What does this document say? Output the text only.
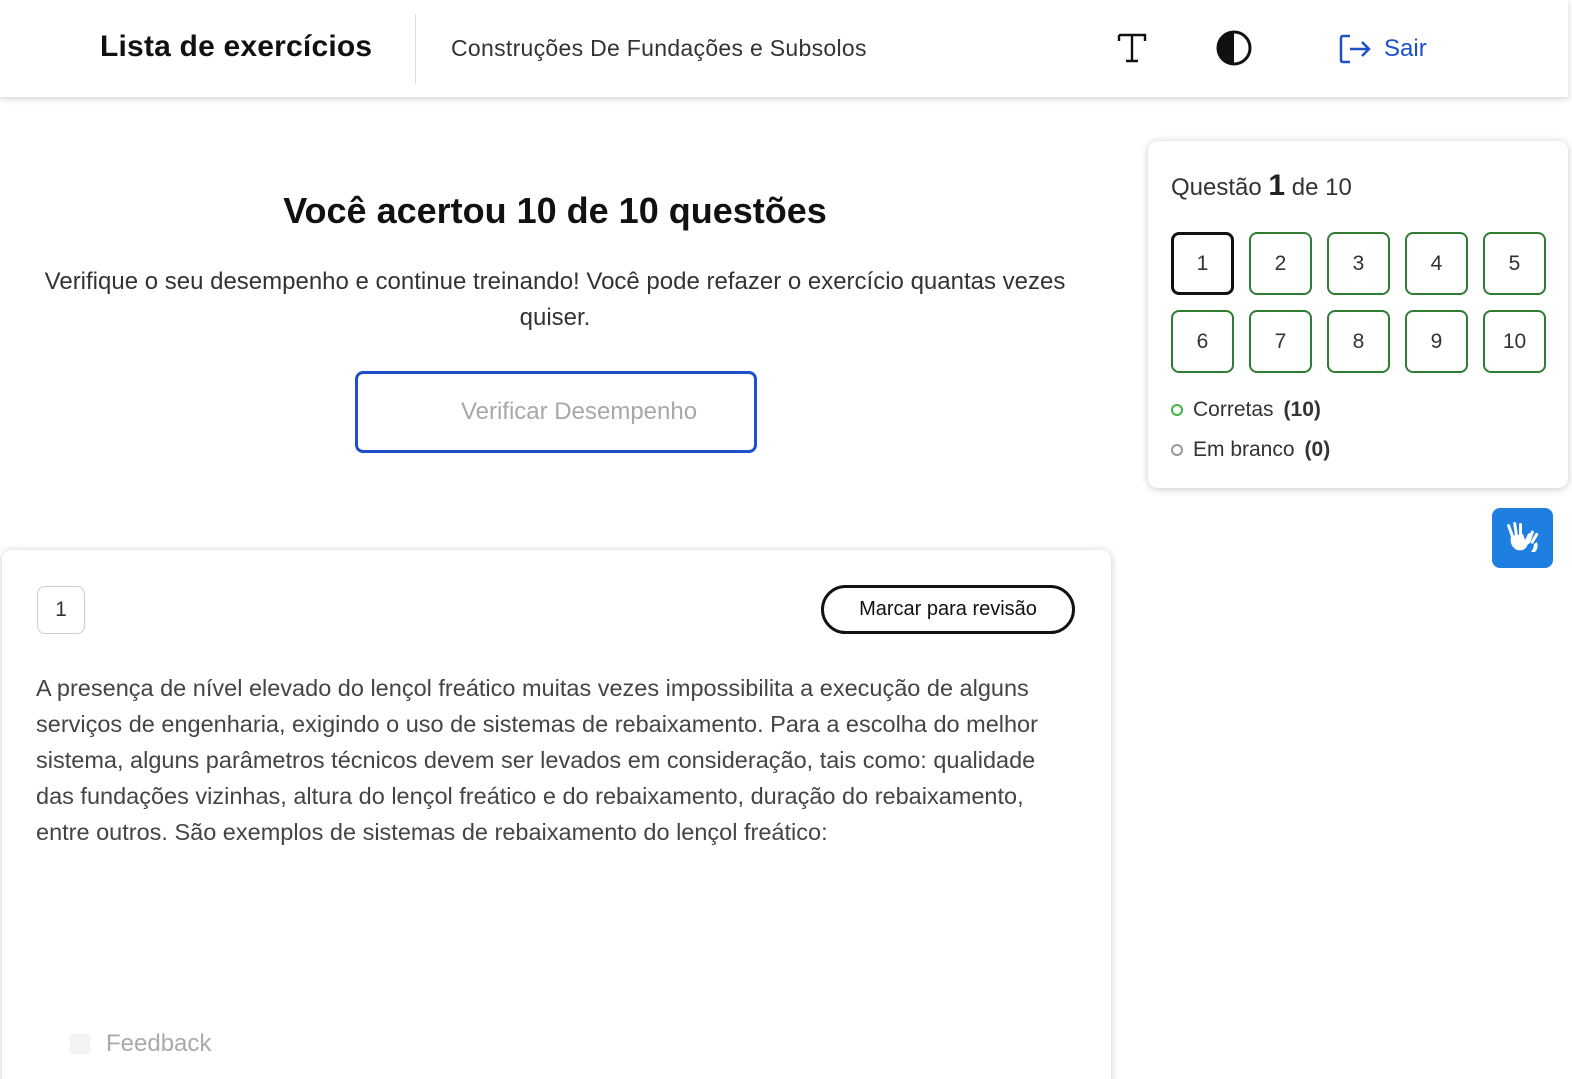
Lista de exercícios	Construções De Fundações e Subsolos	Sair
Você acertou 10 de 10 questões
Verifique o seu desempenho e continue treinando! Você pode refazer o exercício quantas vezes quiser.
Verificar Desempenho
Questão 1 de 10
1	2	3	4	5
6	7	8	9	10
Corretas (10)
Em branco (0)
1	Marcar para revisão
A presença de nível elevado do lençol freático muitas vezes impossibilita a execução de alguns serviços de engenharia, exigindo o uso de sistemas de rebaixamento. Para a escolha do melhor sistema, alguns parâmetros técnicos devem ser levados em consideração, tais como: qualidade das fundações vizinhas, altura do lençol freático e do rebaixamento, duração do rebaixamento, entre outros. São exemplos de sistemas de rebaixamento do lençol freático:
Feedback
